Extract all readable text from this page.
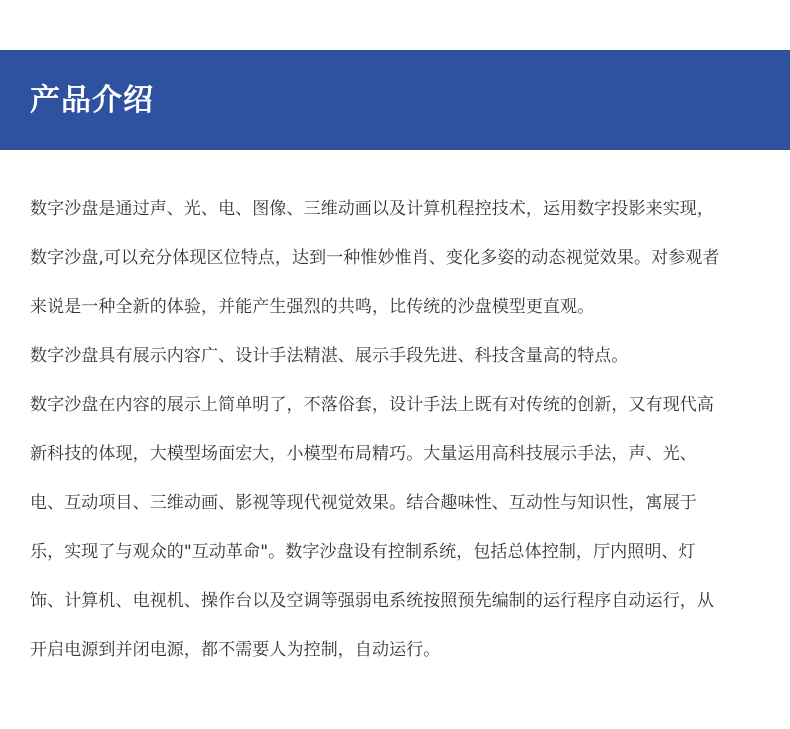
产品介绍
数字沙盘是通过声、光、电、图像、三维动画以及计算机程控技术，运用数字投影来实现，
数字沙盘,可以充分体现区位特点，达到一种惟妙惟肖、变化多姿的动态视觉效果。对参观者
来说是一种全新的体验，并能产生强烈的共鸣，比传统的沙盘模型更直观。
数字沙盘具有展示内容广、设计手法精湛、展示手段先进、科技含量高的特点。
数字沙盘在内容的展示上简单明了，不落俗套，设计手法上既有对传统的创新，又有现代高
新科技的体现，大模型场面宏大，小模型布局精巧。大量运用高科技展示手法，声、光、
电、互动项目、三维动画、影视等现代视觉效果。结合趣味性、互动性与知识性，寓展于
乐，实现了与观众的"互动革命"。数字沙盘设有控制系统，包括总体控制，厅内照明、灯
饰、计算机、电视机、操作台以及空调等强弱电系统按照预先编制的运行程序自动运行，从
开启电源到并闭电源，都不需要人为控制，自动运行。
